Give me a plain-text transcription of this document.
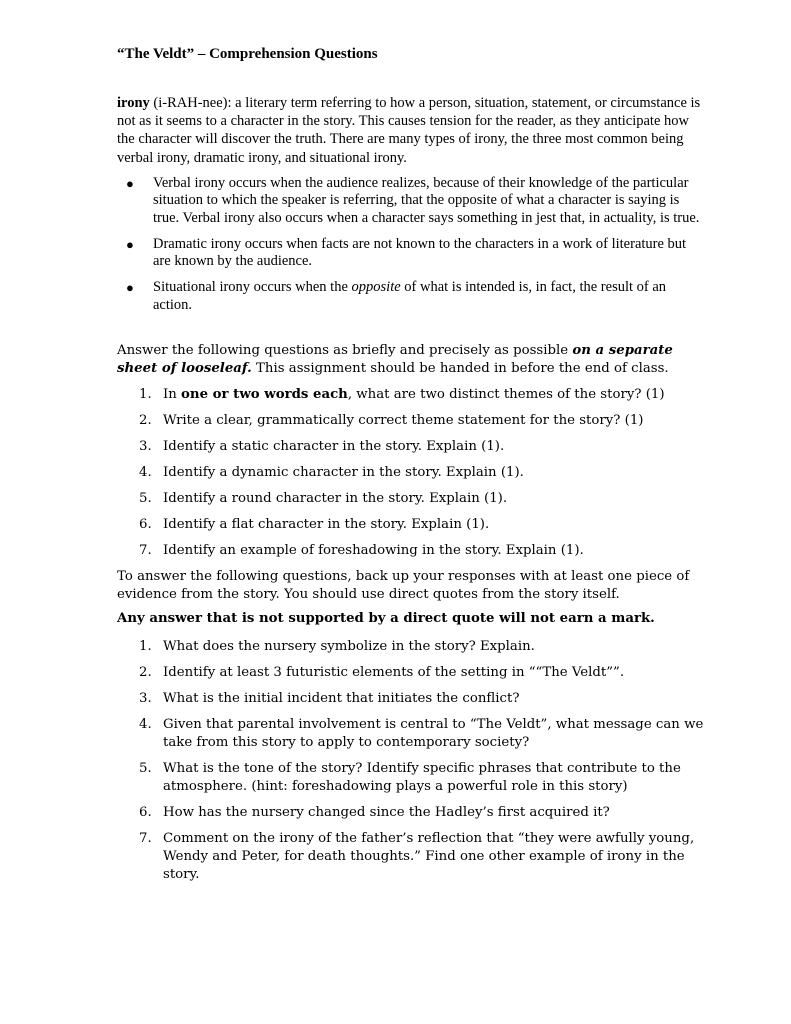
“The Veldt” – Comprehension Questions
irony (i-RAH-nee): a literary term referring to how a person, situation, statement, or circumstance is not as it seems to a character in the story. This causes tension for the reader, as they anticipate how the character will discover the truth. There are many types of irony, the three most common being verbal irony, dramatic irony, and situational irony.
● Verbal irony occurs when the audience realizes, because of their knowledge of the particular situation to which the speaker is referring, that the opposite of what a character is saying is true. Verbal irony also occurs when a character says something in jest that, in actuality, is true.
● Dramatic irony occurs when facts are not known to the characters in a work of literature but are known by the audience.
● Situational irony occurs when the opposite of what is intended is, in fact, the result of an action.
Answer the following questions as briefly and precisely as possible on a separate sheet of looseleaf. This assignment should be handed in before the end of class.
1. In one or two words each, what are two distinct themes of the story? (1)
2. Write a clear, grammatically correct theme statement for the story? (1)
3. Identify a static character in the story. Explain (1).
4. Identify a dynamic character in the story. Explain (1).
5. Identify a round character in the story. Explain (1).
6. Identify a flat character in the story. Explain (1).
7. Identify an example of foreshadowing in the story. Explain (1).
To answer the following questions, back up your responses with at least one piece of evidence from the story. You should use direct quotes from the story itself.
Any answer that is not supported by a direct quote will not earn a mark.
1. What does the nursery symbolize in the story? Explain.
2. Identify at least 3 futuristic elements of the setting in ““The Veldt””.
3. What is the initial incident that initiates the conflict?
4. Given that parental involvement is central to “The Veldt”, what message can we take from this story to apply to contemporary society?
5. What is the tone of the story? Identify specific phrases that contribute to the atmosphere. (hint: foreshadowing plays a powerful role in this story)
6. How has the nursery changed since the Hadley’s first acquired it?
7. Comment on the irony of the father’s reflection that “they were awfully young, Wendy and Peter, for death thoughts.” Find one other example of irony in the story.
